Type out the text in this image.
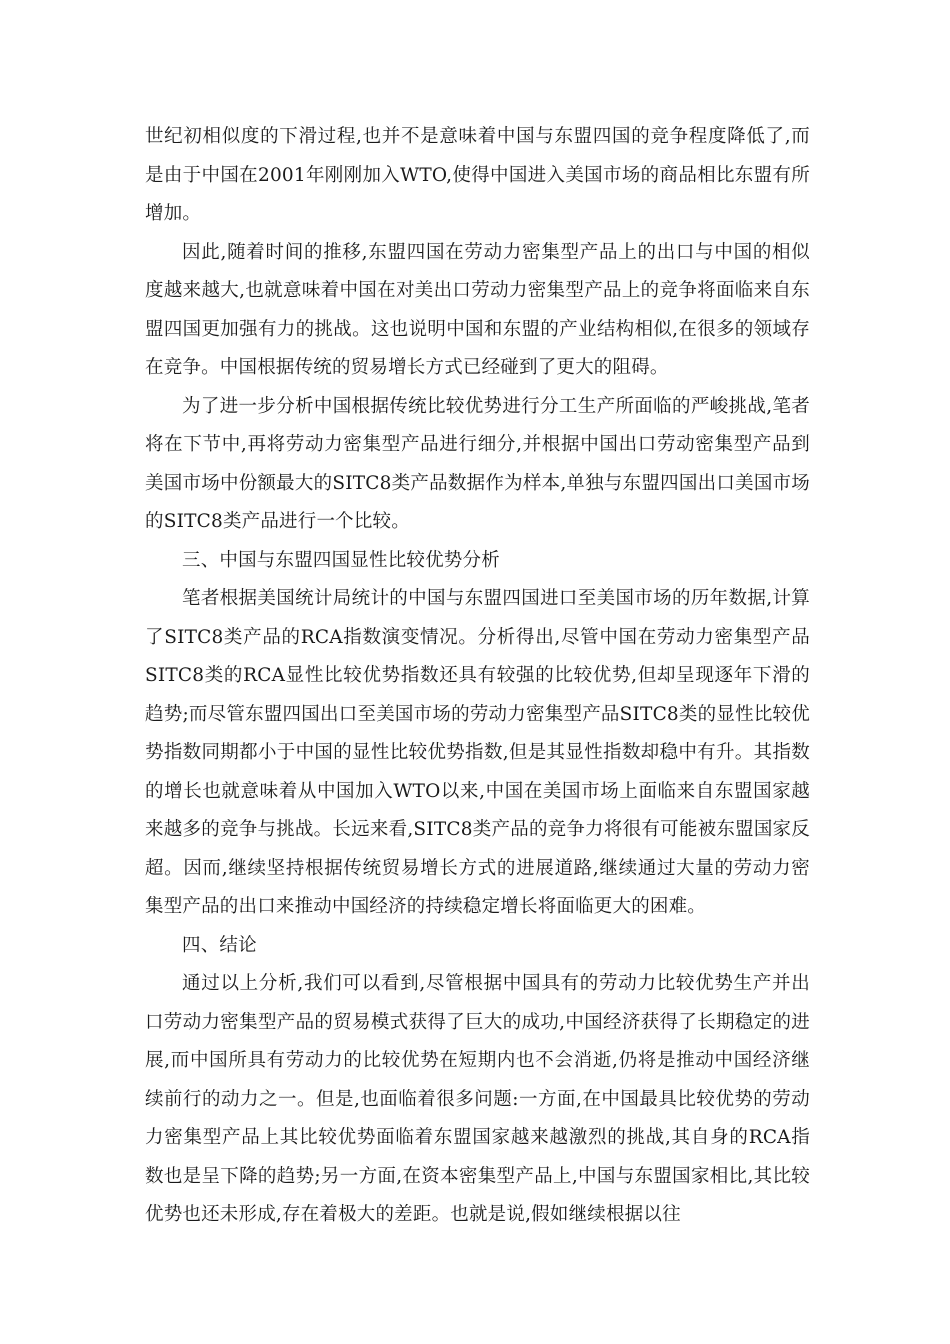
世纪初相似度的下滑过程,也并不是意味着中国与东盟四国的竞争程度降低了,而是由于中国在2001年刚刚加入WTO,使得中国进入美国市场的商品相比东盟有所增加。

因此,随着时间的推移,东盟四国在劳动力密集型产品上的出口与中国的相似度越来越大,也就意味着中国在对美出口劳动力密集型产品上的竞争将面临来自东盟四国更加强有力的挑战。这也说明中国和东盟的产业结构相似,在很多的领域存在竞争。中国根据传统的贸易增长方式已经碰到了更大的阻碍。

为了进一步分析中国根据传统比较优势进行分工生产所面临的严峻挑战,笔者将在下节中,再将劳动力密集型产品进行细分,并根据中国出口劳动密集型产品到美国市场中份额最大的SITC8类产品数据作为样本,单独与东盟四国出口美国市场的SITC8类产品进行一个比较。

三、中国与东盟四国显性比较优势分析

笔者根据美国统计局统计的中国与东盟四国进口至美国市场的历年数据,计算了SITC8类产品的RCA指数演变情况。分析得出,尽管中国在劳动力密集型产品SITC8类的RCA显性比较优势指数还具有较强的比较优势,但却呈现逐年下滑的趋势;而尽管东盟四国出口至美国市场的劳动力密集型产品SITC8类的显性比较优势指数同期都小于中国的显性比较优势指数,但是其显性指数却稳中有升。其指数的增长也就意味着从中国加入WTO以来,中国在美国市场上面临来自东盟国家越来越多的竞争与挑战。长远来看,SITC8类产品的竞争力将很有可能被东盟国家反超。因而,继续坚持根据传统贸易增长方式的进展道路,继续通过大量的劳动力密集型产品的出口来推动中国经济的持续稳定增长将面临更大的困难。

四、结论

通过以上分析,我们可以看到,尽管根据中国具有的劳动力比较优势生产并出口劳动力密集型产品的贸易模式获得了巨大的成功,中国经济获得了长期稳定的进展,而中国所具有劳动力的比较优势在短期内也不会消逝,仍将是推动中国经济继续前行的动力之一。但是,也面临着很多问题:一方面,在中国最具比较优势的劳动力密集型产品上其比较优势面临着东盟国家越来越激烈的挑战,其自身的RCA指数也是呈下降的趋势;另一方面,在资本密集型产品上,中国与东盟国家相比,其比较优势也还未形成,存在着极大的差距。也就是说,假如继续根据以往
